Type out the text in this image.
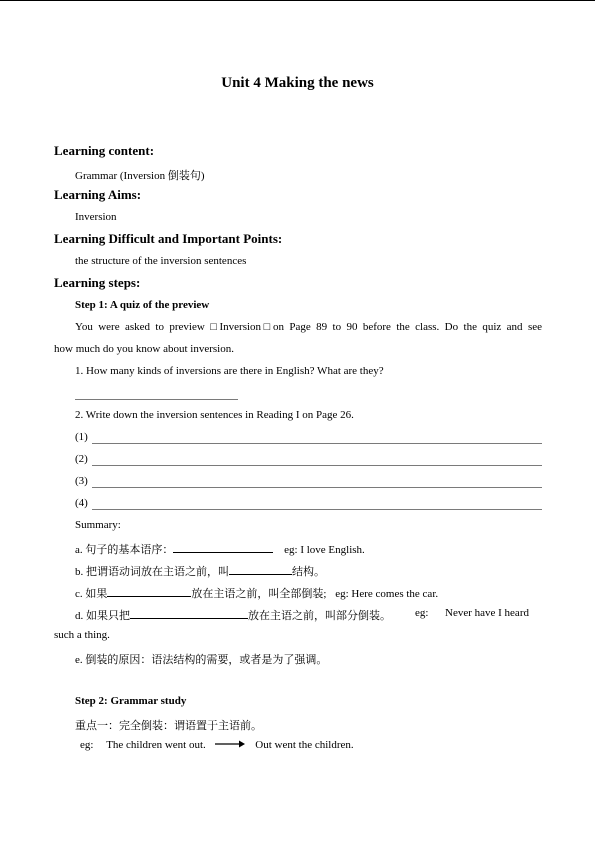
Unit 4 Making the news
Learning content:
Grammar (Inversion 倒装句)
Learning Aims:
Inversion
Learning Difficult and Important Points:
the structure of the inversion sentences
Learning steps:
Step 1: A quiz of the preview
You were asked to preview □Inversion□on Page 89 to 90 before the class. Do the quiz and see
how much do you know about inversion.
1. How many kinds of inversions are there in English? What are they?
2. Write down the inversion sentences in Reading I on Page 26.
(1)
(2)
(3)
(4)
Summary:
a. 句子的基本语序：	eg: I love English.
b. 把谓语动词放在主语之前，叫	结构。
c. 如果	放在主语之前，叫全部倒装; eg: Here comes the car.
d. 如果只把	放在主语之前，叫部分倒装。 eg: Never have I heard
such a thing.
e. 倒装的原因：语法结构的需要，或者是为了强调。
Step 2: Grammar study
重点一：完全倒装：谓语置于主语前。
eg: The children went out.	Out went the children.
